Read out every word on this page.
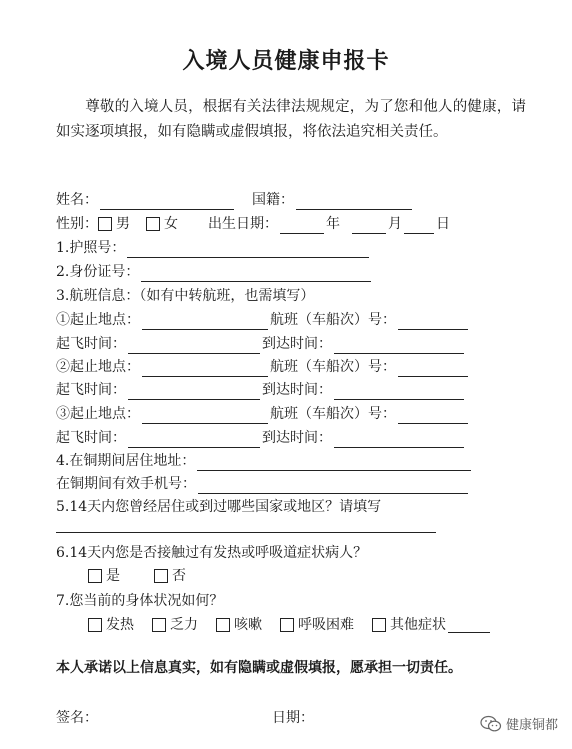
入境人员健康申报卡
尊敬的入境人员，根据有关法律法规规定，为了您和他人的健康，请如实逐项填报，如有隐瞒或虚假填报，将依法追究相关责任。
姓名：	国籍：
性别： 男 女 出生日期：	年	月 日
1.护照号：
2.身份证号：
3.航班信息：（如有中转航班，也需填写）
①起止地点：	航班（车船次）号：
起飞时间：	到达时间：
②起止地点：	航班（车船次）号：
起飞时间：	到达时间：
③起止地点：	航班（车船次）号：
起飞时间：	到达时间：
4.在铜期间居住地址：
在铜期间有效手机号：
5.14天内您曾经居住或到过哪些国家或地区？请填写
6.14天内您是否接触过有发热或呼吸道症状病人？
是	否
7.您当前的身体状况如何？
发热	乏力	咳嗽	呼吸困难	其他症状
本人承诺以上信息真实，如有隐瞒或虚假填报，愿承担一切责任。
签名：	日期：	健康铜都
